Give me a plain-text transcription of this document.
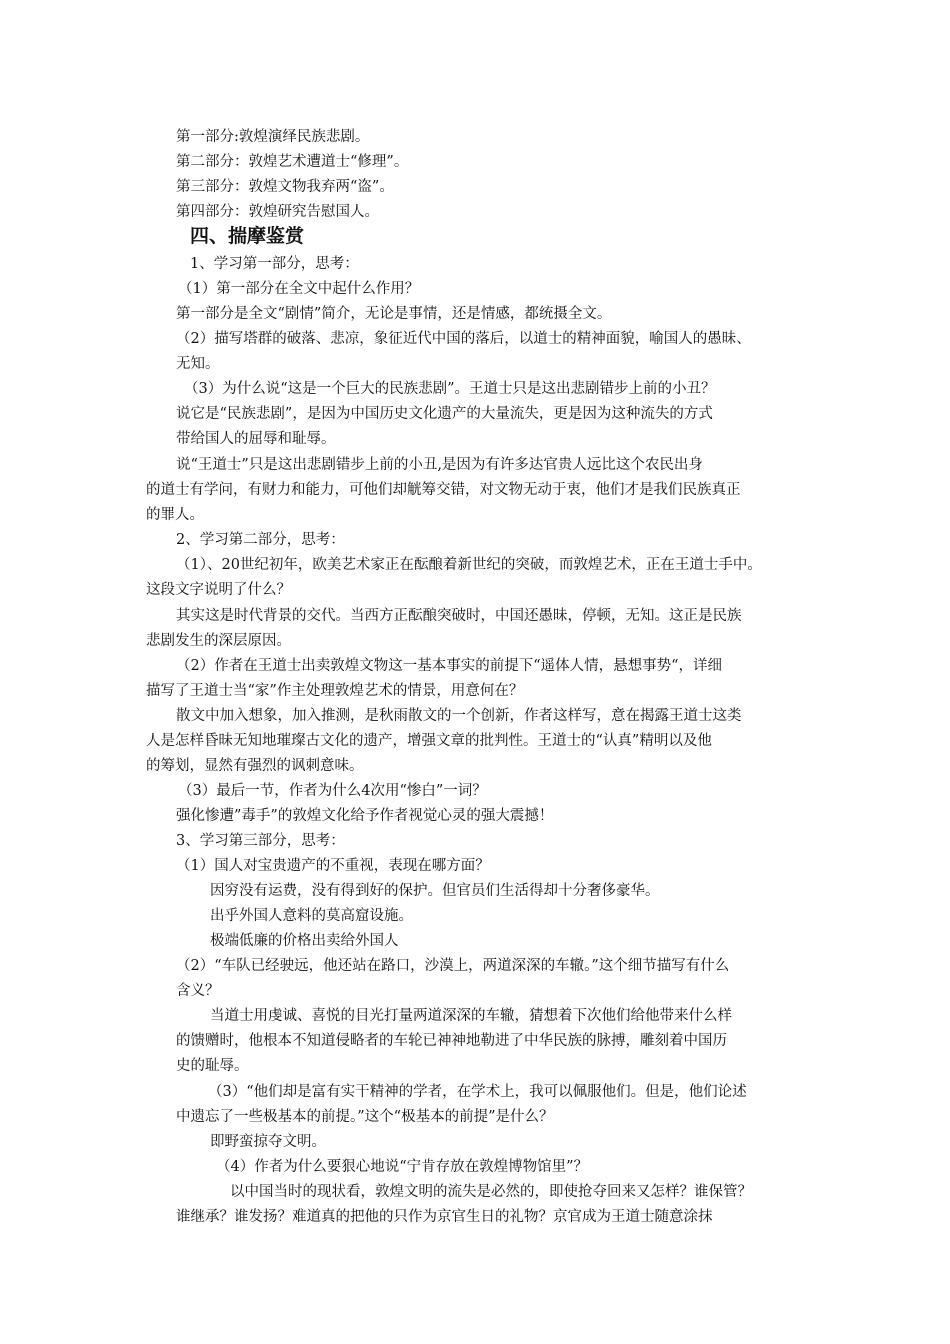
第一部分:敦煌演绎民族悲剧。
第二部分：敦煌艺术遭道士“修理”。
第三部分：敦煌文物我弃两“盗”。
第四部分：敦煌研究告慰国人。
四、揣摩鉴赏
1、学习第一部分，思考：
（1）第一部分在全文中起什么作用？
第一部分是全文“剧情”简介，无论是事情，还是情感，都统摄全文。
（2）描写塔群的破落、悲凉，象征近代中国的落后，以道士的精神面貌，喻国人的愚昧、
无知。
（3）为什么说“这是一个巨大的民族悲剧”。王道士只是这出悲剧错步上前的小丑？
说它是“民族悲剧”，是因为中国历史文化遗产的大量流失，更是因为这种流失的方式
带给国人的屈辱和耻辱。
说“王道士”只是这出悲剧错步上前的小丑,是因为有许多达官贵人远比这个农民出身
的道士有学问，有财力和能力，可他们却觥筹交错，对文物无动于衷，他们才是我们民族真正
的罪人。
2、学习第二部分，思考：
（1）、20世纪初年，欧美艺术家正在酝酿着新世纪的突破，而敦煌艺术，正在王道士手中。
这段文字说明了什么？
其实这是时代背景的交代。当西方正酝酿突破时，中国还愚昧，停顿，无知。这正是民族
悲剧发生的深层原因。
（2）作者在王道士出卖敦煌文物这一基本事实的前提下“遥体人情，悬想事势“，详细
描写了王道士当“家”作主处理敦煌艺术的情景，用意何在？
散文中加入想象，加入推测，是秋雨散文的一个创新，作者这样写，意在揭露王道士这类
人是怎样昏昧无知地璀璨古文化的遗产，增强文章的批判性。王道士的“认真”精明以及他
的筹划，显然有强烈的讽刺意味。
（3）最后一节，作者为什么4次用“惨白”一词？
强化惨遭”毒手”的敦煌文化给予作者视觉心灵的强大震撼！
3、学习第三部分，思考：
（1）国人对宝贵遗产的不重视，表现在哪方面？
因穷没有运费，没有得到好的保护。但官员们生活得却十分奢侈豪华。
出乎外国人意料的莫高窟设施。
极端低廉的价格出卖给外国人
（2）“车队已经驶远，他还站在路口，沙漠上，两道深深的车辙。”这个细节描写有什么
含义？
当道士用虔诚、喜悦的目光打量两道深深的车辙，猜想着下次他们给他带来什么样
的馈赠时，他根本不知道侵略者的车轮已神神地勒进了中华民族的脉搏，雕刻着中国历
史的耻辱。
（3）“他们却是富有实干精神的学者，在学术上，我可以佩服他们。但是，他们论述
中遗忘了一些极基本的前提。”这个“极基本的前提”是什么？
即野蛮掠夺文明。
（4）作者为什么要狠心地说“宁肯存放在敦煌博物馆里”？
以中国当时的现状看，敦煌文明的流失是必然的，即使抢夺回来又怎样？谁保管？
谁继承？谁发扬？难道真的把他的只作为京官生日的礼物？京官成为王道士随意涂抹
